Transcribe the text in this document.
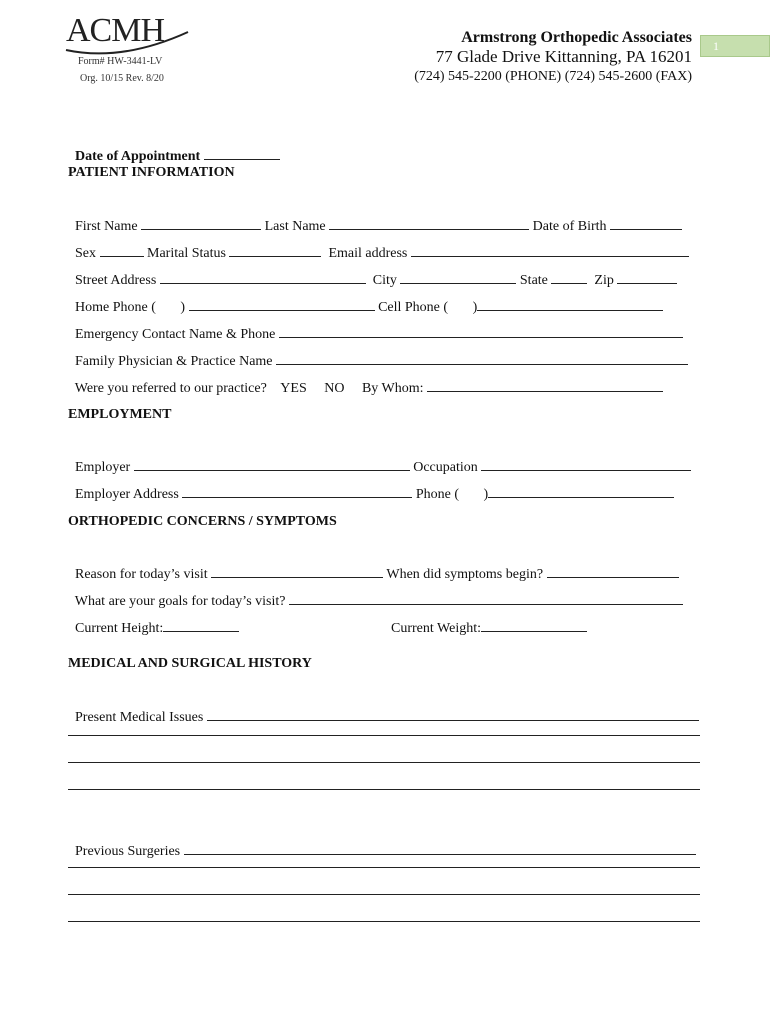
ACMH
Form# HW-3441-LV
Org. 10/15 Rev. 8/20
Armstrong Orthopedic Associates
77 Glade Drive Kittanning, PA 16201
(724) 545-2200 (PHONE) (724) 545-2600 (FAX)
1

Date of Appointment

PATIENT INFORMATION

First Name	Last Name	Date of Birth

Sex	Marital Status	Email address

Street Address	City	State	Zip

Home Phone ( )	Cell Phone ( )

Emergency Contact Name & Phone

Family Physician & Practice Name

Were you referred to our practice? YES NO By Whom:

EMPLOYMENT

Employer	Occupation

Employer Address	Phone ( )

ORTHOPEDIC CONCERNS / SYMPTOMS

Reason for today’s visit	When did symptoms begin?

What are your goals for today’s visit?

Current Height:	Current Weight:

MEDICAL AND SURGICAL HISTORY

Present Medical Issues

Previous Surgeries
